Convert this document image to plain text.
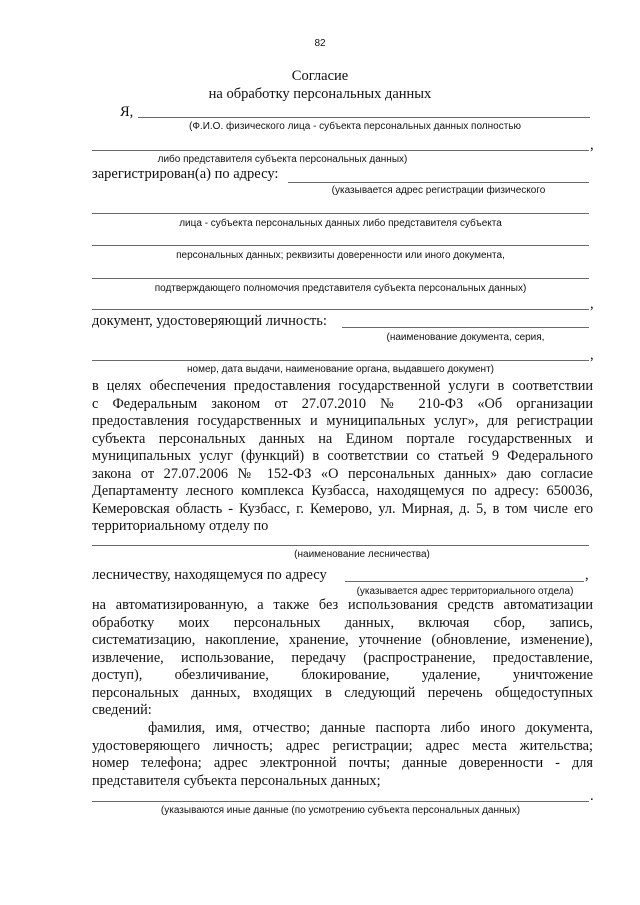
82
Согласие
на обработку персональных данных
Я,
(Ф.И.О. физического лица - субъекта персональных данных полностью
,
либо представителя субъекта персональных данных)
зарегистрирован(а) по адресу:
(указывается адрес регистрации физического
лица - субъекта персональных данных либо представителя субъекта
персональных данных; реквизиты доверенности или иного документа,
подтверждающего полномочия представителя субъекта персональных данных)
,
документ, удостоверяющий личность:
(наименование документа, серия,
,
номер, дата выдачи, наименование органа, выдавшего документ)
в целях обеспечения предоставления государственной услуги в соответствии
с Федеральным законом от 27.07.2010 № 210-ФЗ «Об организации
предоставления государственных и муниципальных услуг», для регистрации
субъекта персональных данных на Едином портале государственных и
муниципальных услуг (функций) в соответствии со статьей 9 Федерального
закона от 27.07.2006 № 152-ФЗ «О персональных данных» даю согласие
Департаменту лесного комплекса Кузбасса, находящемуся по адресу: 650036,
Кемеровская область - Кузбасс, г. Кемерово, ул. Мирная, д. 5, в том числе его
территориальному отделу по
(наименование лесничества)
лесничеству, находящемуся по адресу	,
(указывается адрес территориального отдела)
на автоматизированную, а также без использования средств автоматизации
обработку моих персональных данных, включая сбор, запись,
систематизацию, накопление, хранение, уточнение (обновление, изменение),
извлечение, использование, передачу (распространение, предоставление,
доступ), обезличивание, блокирование, удаление, уничтожение
персональных данных, входящих в следующий перечень общедоступных
сведений:
фамилия, имя, отчество; данные паспорта либо иного документа,
удостоверяющего личность; адрес регистрации; адрес места жительства;
номер телефона; адрес электронной почты; данные доверенности - для
представителя субъекта персональных данных;
.
(указываются иные данные (по усмотрению субъекта персональных данных)
